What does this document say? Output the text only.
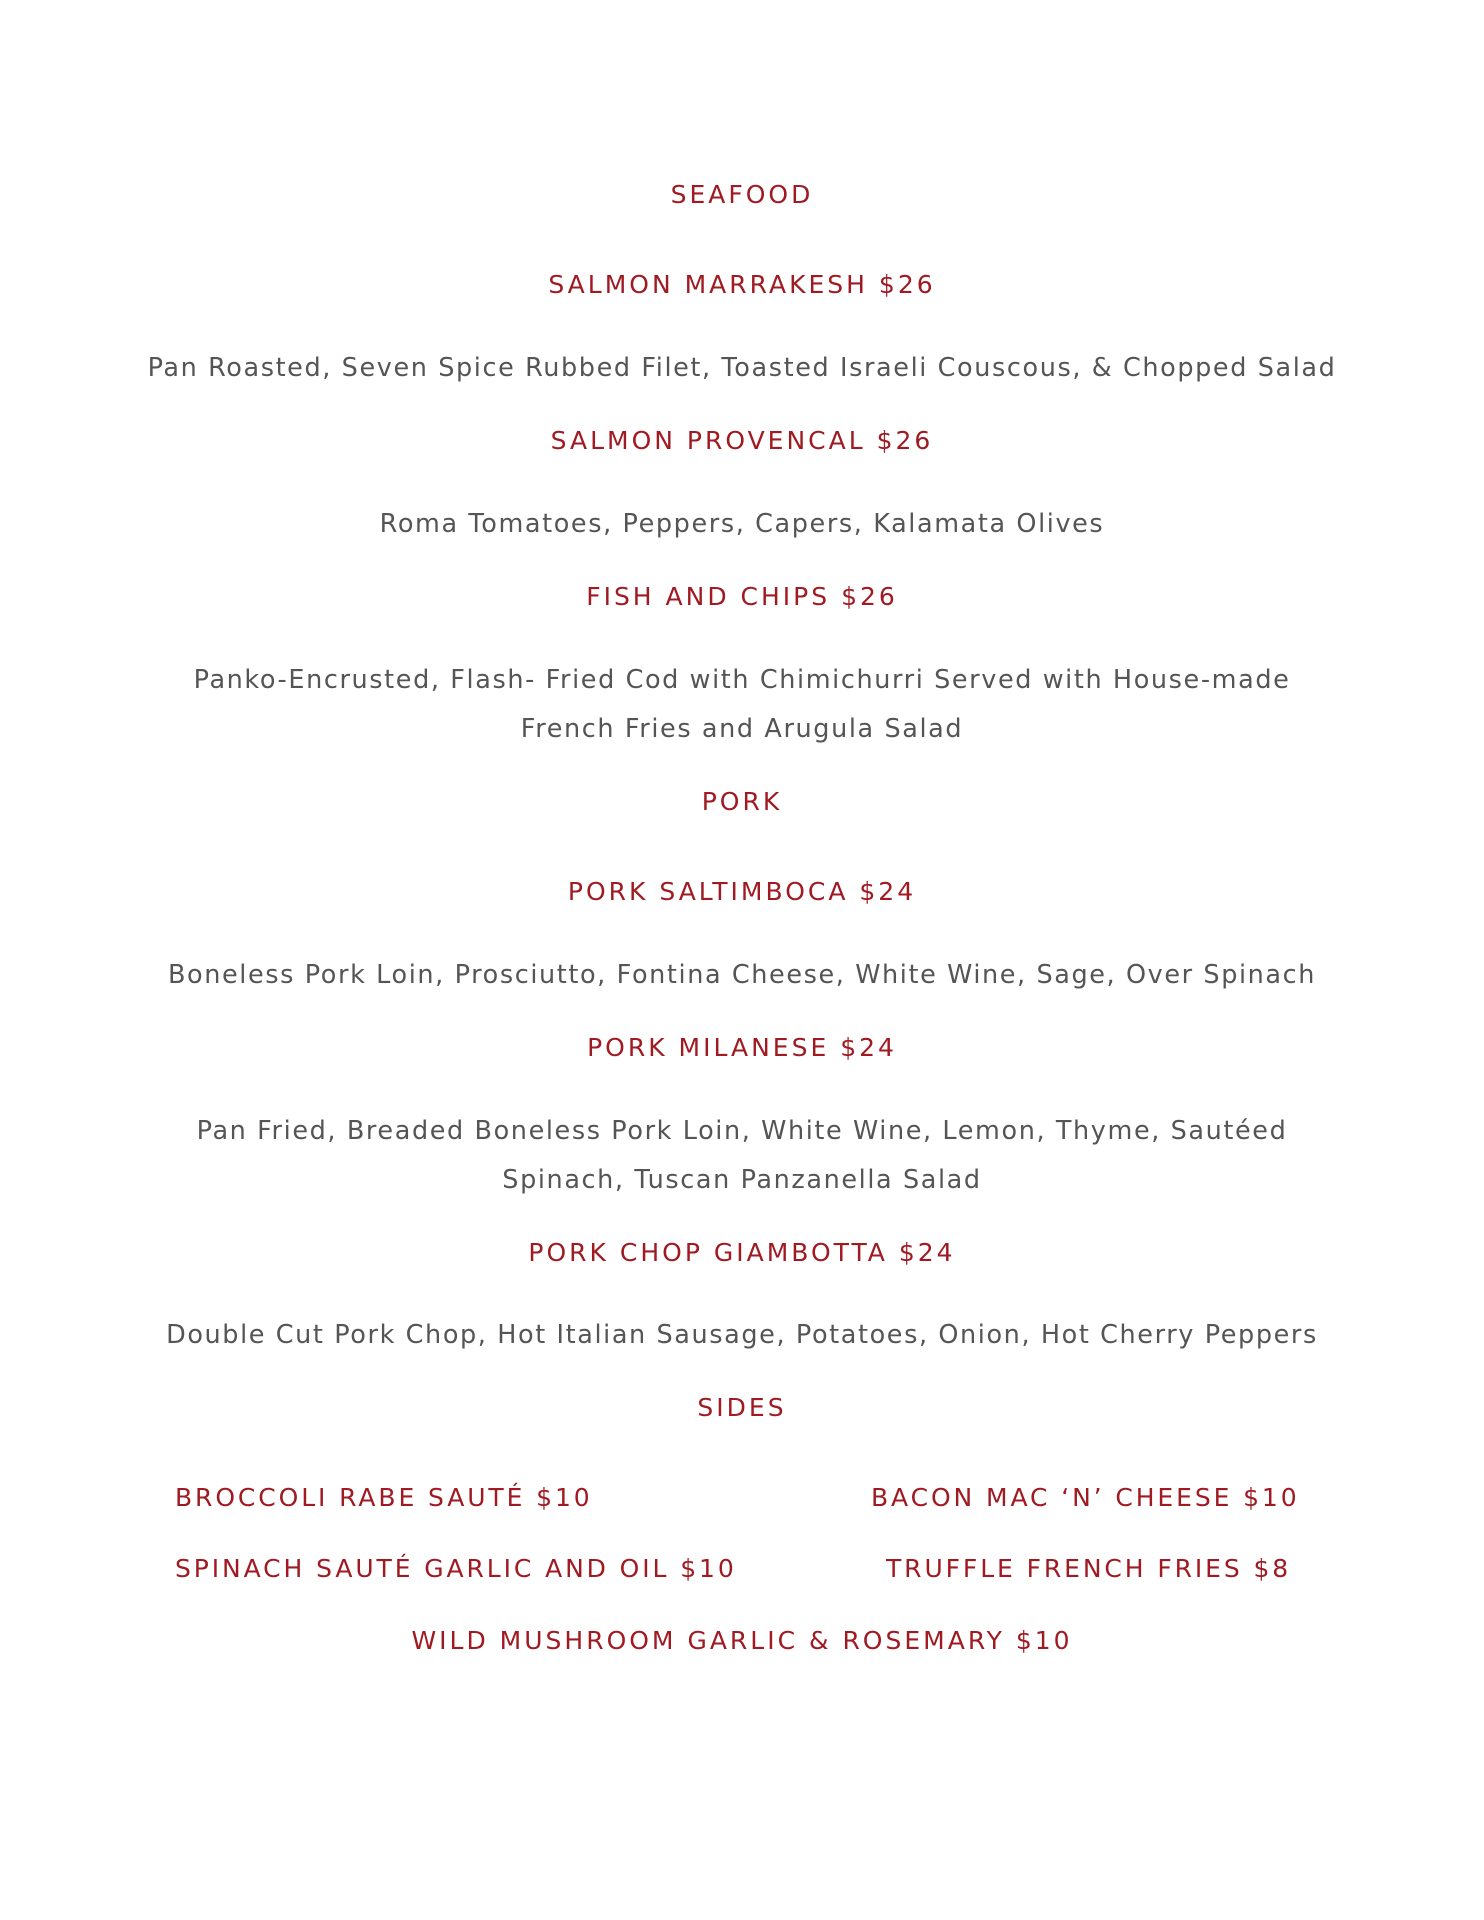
SEAFOOD

SALMON MARRAKESH $26

Pan Roasted, Seven Spice Rubbed Filet, Toasted Israeli Couscous, & Chopped Salad

SALMON PROVENCAL $26

Roma Tomatoes, Peppers, Capers, Kalamata Olives

FISH AND CHIPS $26

Panko-Encrusted, Flash- Fried Cod with Chimichurri Served with House-made

French Fries and Arugula Salad

PORK

PORK SALTIMBOCA $24

Boneless Pork Loin, Prosciutto, Fontina Cheese, White Wine, Sage, Over Spinach

PORK MILANESE $24

Pan Fried, Breaded Boneless Pork Loin, White Wine, Lemon, Thyme, Sautéed

Spinach, Tuscan Panzanella Salad

PORK CHOP GIAMBOTTA $24

Double Cut Pork Chop, Hot Italian Sausage, Potatoes, Onion, Hot Cherry Peppers

SIDES

BROCCOLI RABE SAUTÉ $10	BACON MAC ‘N’ CHEESE $10

SPINACH SAUTÉ GARLIC AND OIL $10	TRUFFLE FRENCH FRIES $8

WILD MUSHROOM GARLIC & ROSEMARY $10
